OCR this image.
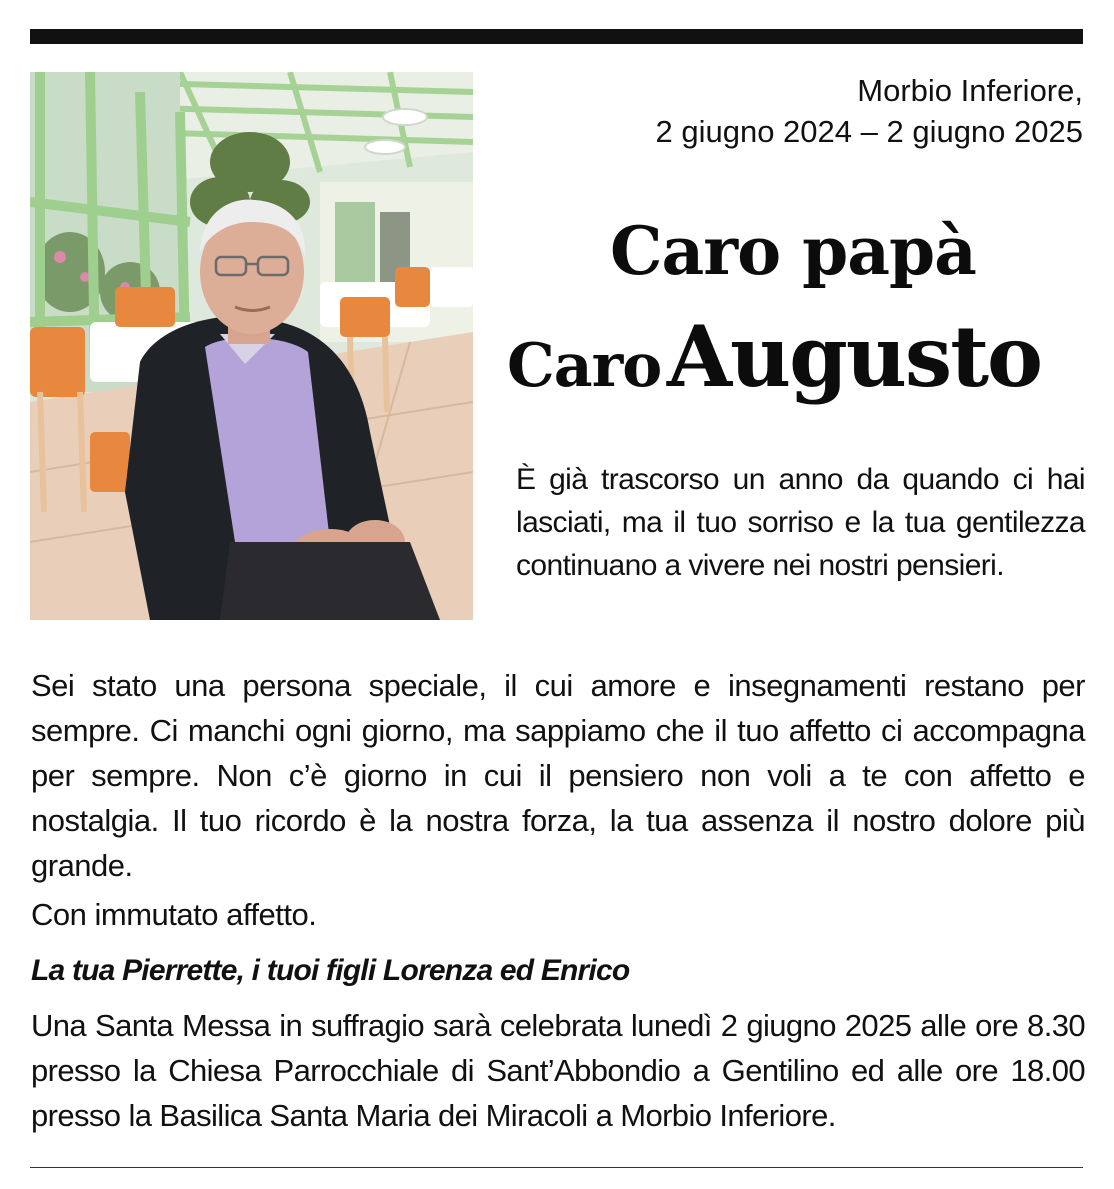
Morbio Inferiore,
2 giugno 2024 – 2 giugno 2025
Caro papà
Caro Augusto
È già trascorso un anno da quando ci hai lasciati, ma il tuo sorriso e la tua gentilezza continuano a vivere nei nostri pensieri.
Sei stato una persona speciale, il cui amore e insegnamenti restano per sempre. Ci manchi ogni giorno, ma sappiamo che il tuo affetto ci accompagna per sempre. Non c’è giorno in cui il pensiero non voli a te con affetto e nostalgia. Il tuo ricordo è la nostra forza, la tua assenza il nostro dolore più grande.
Con immutato affetto.
La tua Pierrette, i tuoi figli Lorenza ed Enrico
Una Santa Messa in suffragio sarà celebrata lunedì 2 giugno 2025 alle ore 8.30 presso la Chiesa Parrocchiale di Sant’Abbondio a Gentilino ed alle ore 18.00 presso la Basilica Santa Maria dei Miracoli a Morbio Inferiore.
